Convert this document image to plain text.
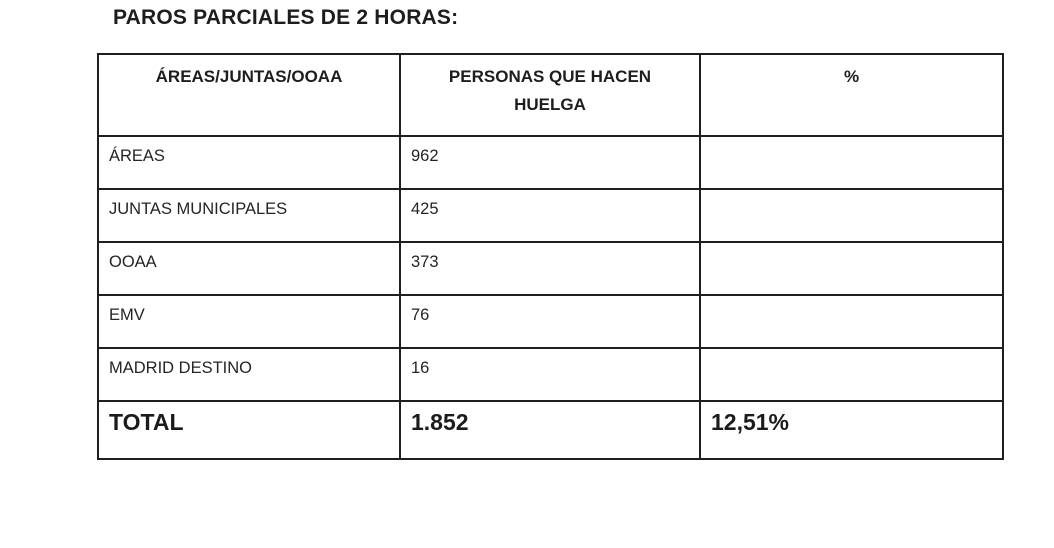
PAROS PARCIALES DE 2 HORAS:
ÁREAS/JUNTAS/OOAA	PERSONAS QUE HACEN HUELGA	%
ÁREAS	962	
JUNTAS MUNICIPALES	425	
OOAA	373	
EMV	76	
MADRID DESTINO	16	
TOTAL	1.852	12,51%
